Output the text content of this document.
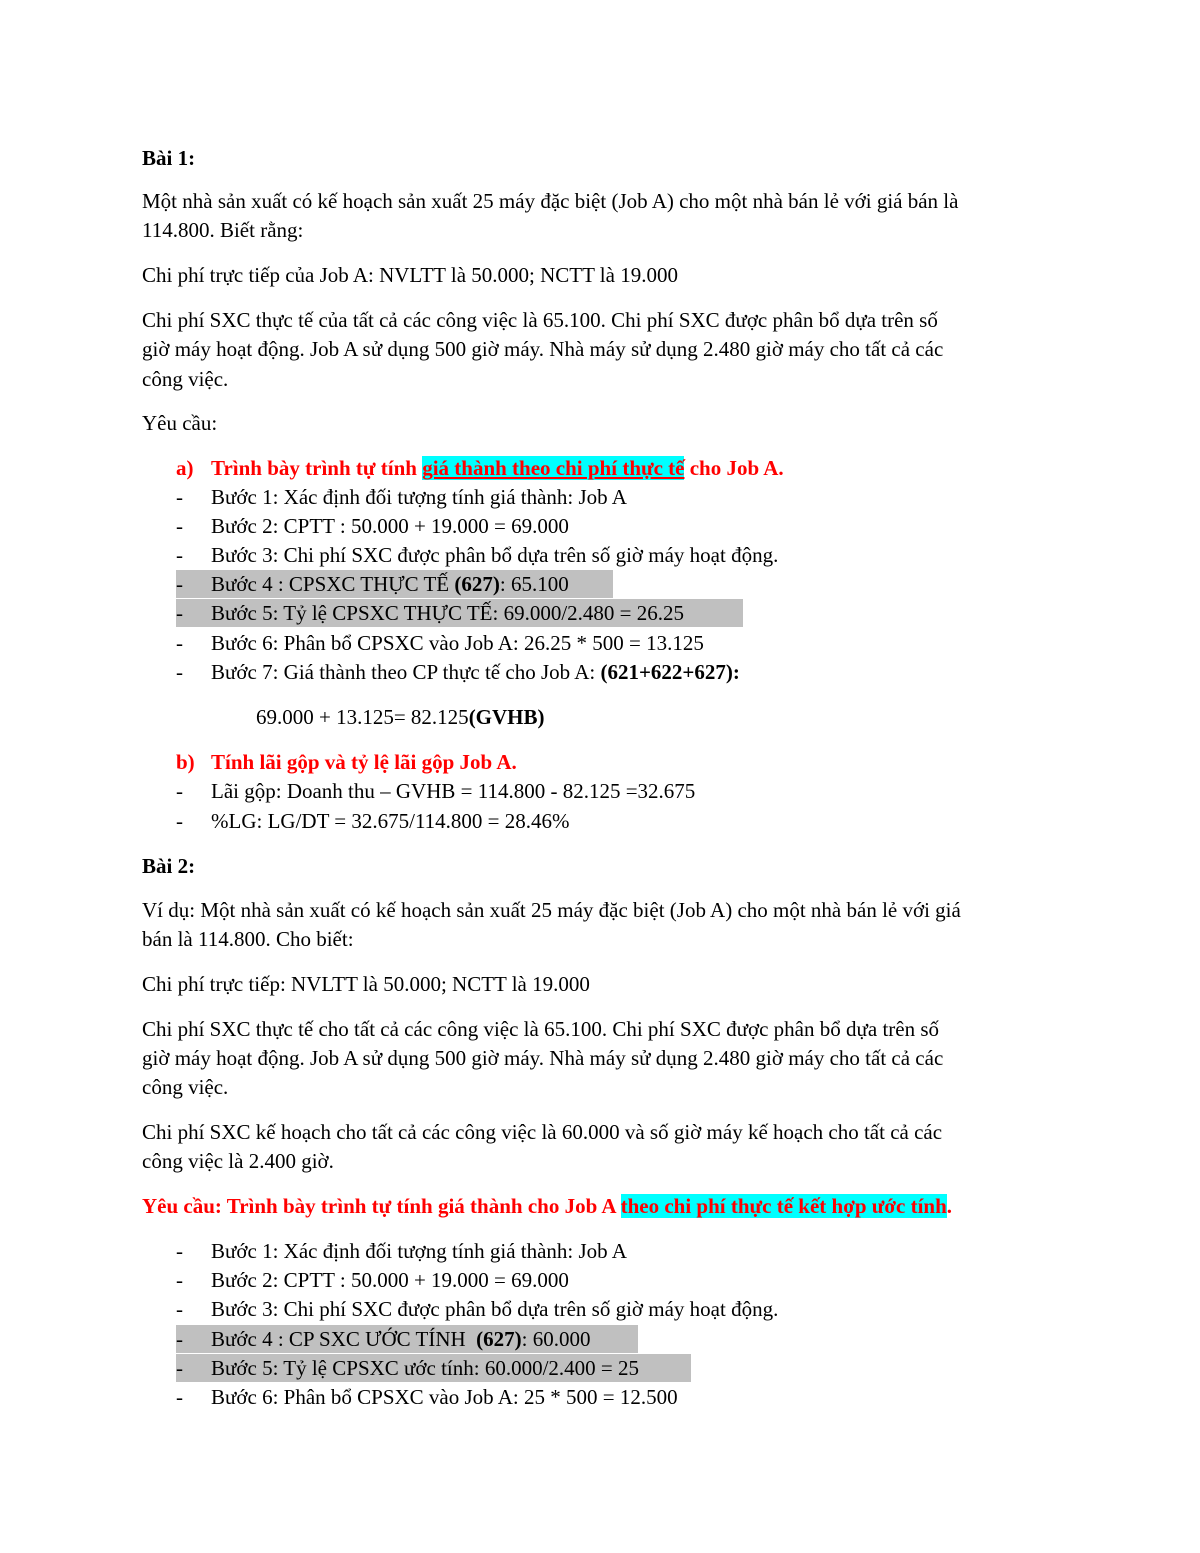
Bài 1:
Một nhà sản xuất có kế hoạch sản xuất 25 máy đặc biệt (Job A) cho một nhà bán lẻ với giá bán là
114.800. Biết rằng:
Chi phí trực tiếp của Job A: NVLTT là 50.000; NCTT là 19.000
Chi phí SXC thực tế của tất cả các công việc là 65.100. Chi phí SXC được phân bổ dựa trên số
giờ máy hoạt động. Job A sử dụng 500 giờ máy. Nhà máy sử dụng 2.480 giờ máy cho tất cả các
công việc.
Yêu cầu:
a) Trình bày trình tự tính giá thành theo chi phí thực tế cho Job A.
- Bước 1: Xác định đối tượng tính giá thành: Job A
- Bước 2: CPTT : 50.000 + 19.000 = 69.000
- Bước 3: Chi phí SXC được phân bổ dựa trên số giờ máy hoạt động.
- Bước 4 : CPSXC THỰC TẾ (627): 65.100
- Bước 5: Tỷ lệ CPSXC THỰC TẾ: 69.000/2.480 = 26.25
- Bước 6: Phân bổ CPSXC vào Job A: 26.25 * 500 = 13.125
- Bước 7: Giá thành theo CP thực tế cho Job A: (621+622+627):
69.000 + 13.125= 82.125(GVHB)
b) Tính lãi gộp và tỷ lệ lãi gộp Job A.
- Lãi gộp: Doanh thu – GVHB = 114.800 - 82.125 =32.675
- %LG: LG/DT = 32.675/114.800 = 28.46%
Bài 2:
Ví dụ: Một nhà sản xuất có kế hoạch sản xuất 25 máy đặc biệt (Job A) cho một nhà bán lẻ với giá
bán là 114.800. Cho biết:
Chi phí trực tiếp: NVLTT là 50.000; NCTT là 19.000
Chi phí SXC thực tế cho tất cả các công việc là 65.100. Chi phí SXC được phân bổ dựa trên số
giờ máy hoạt động. Job A sử dụng 500 giờ máy. Nhà máy sử dụng 2.480 giờ máy cho tất cả các
công việc.
Chi phí SXC kế hoạch cho tất cả các công việc là 60.000 và số giờ máy kế hoạch cho tất cả các
công việc là 2.400 giờ.
Yêu cầu: Trình bày trình tự tính giá thành cho Job A theo chi phí thực tế kết hợp ước tính.
- Bước 1: Xác định đối tượng tính giá thành: Job A
- Bước 2: CPTT : 50.000 + 19.000 = 69.000
- Bước 3: Chi phí SXC được phân bổ dựa trên số giờ máy hoạt động.
- Bước 4 : CP SXC ƯỚC TÍNH  (627): 60.000
- Bước 5: Tỷ lệ CPSXC ước tính: 60.000/2.400 = 25
- Bước 6: Phân bổ CPSXC vào Job A: 25 * 500 = 12.500
